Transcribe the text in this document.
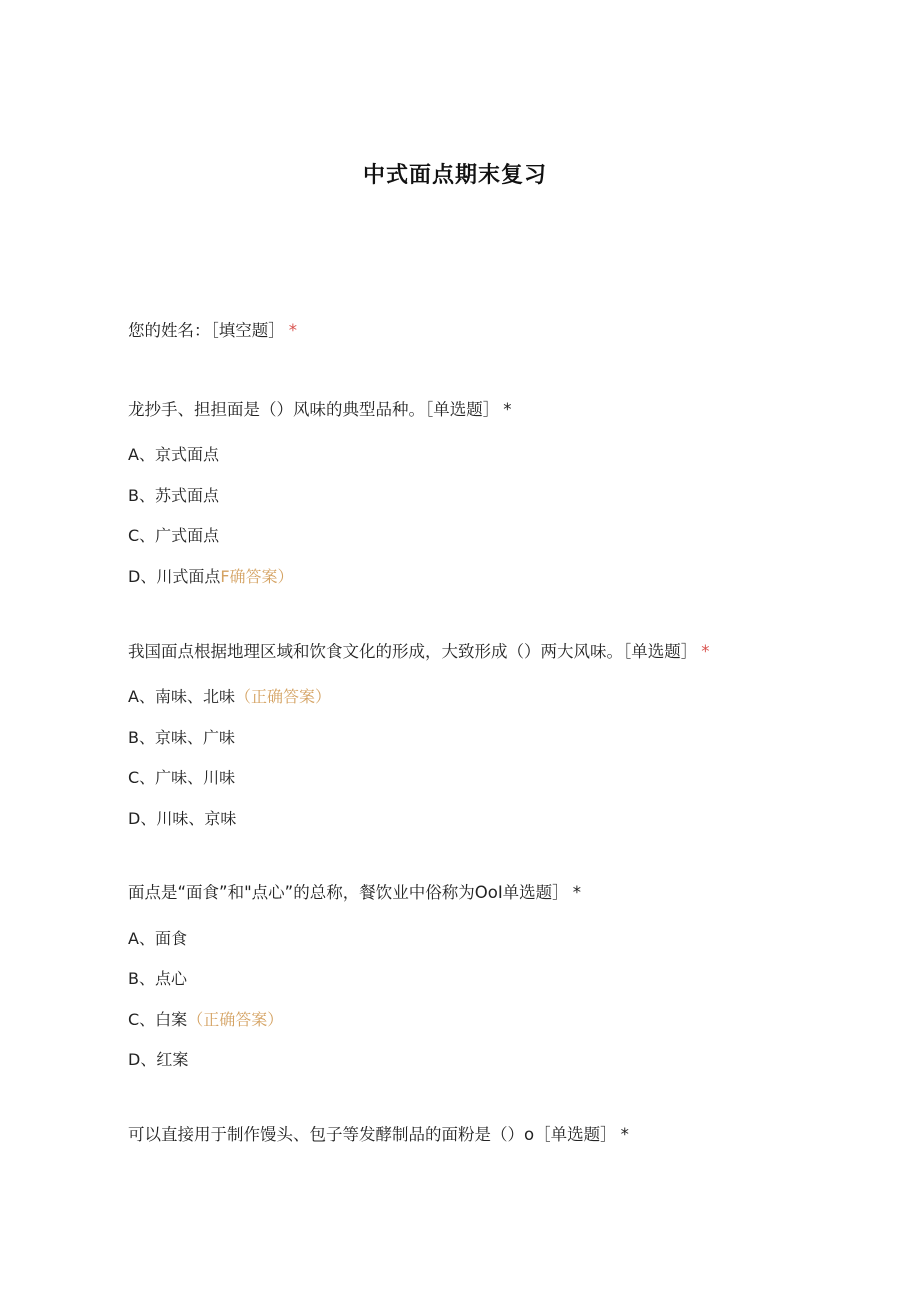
中式面点期末复习
您的姓名：［填空题］ *
龙抄手、担担面是（）风味的典型品种。［单选题］ *
A、京式面点
B、苏式面点
C、广式面点
D、川式面点F确答案）
我国面点根据地理区域和饮食文化的形成，大致形成（）两大风味。［单选题］ *
A、南味、北味（正确答案）
B、京味、广味
C、广味、川味
D、川味、京味
面点是“面食”和"点心”的总称，餐饮业中俗称为OoI单选题］ *
A、面食
B、点心
C、白案（正确答案）
D、红案
可以直接用于制作馒头、包子等发酵制品的面粉是（）o［单选题］ *
